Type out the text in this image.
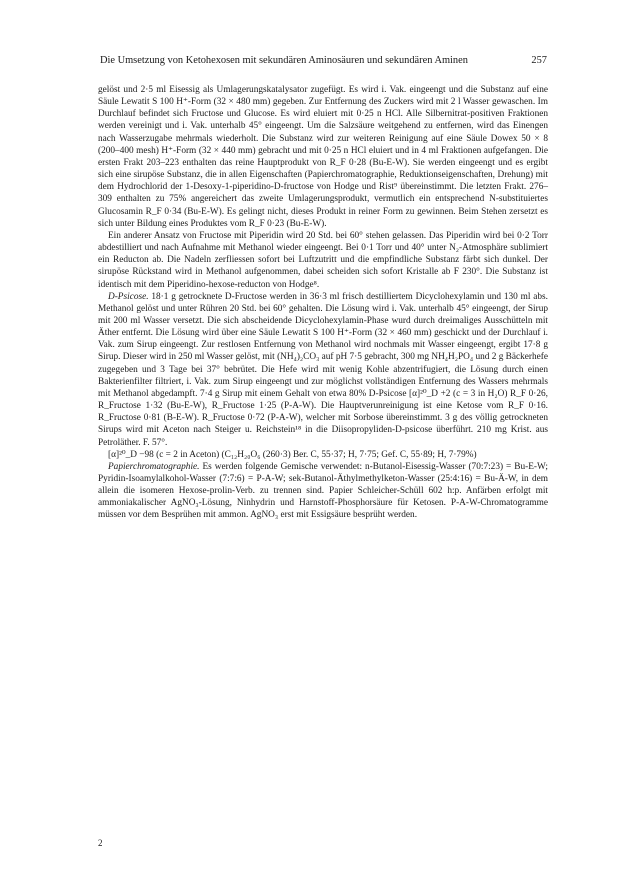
Die Umsetzung von Ketohexosen mit sekundären Aminosäuren und sekundären Aminen	257

gelöst und 2·5 ml Eisessig als Umlagerungskatalysator zugefügt. Es wird i. Vak. eingeengt und die Substanz auf eine Säule Lewatit S 100 H⁺-Form (32 × 480 mm) gegeben. Zur Entfernung des Zuckers wird mit 2 l Wasser gewaschen. Im Durchlauf befindet sich Fructose und Glucose. Es wird eluiert mit 0·25 n HCl. Alle Silbernitrat-positiven Fraktionen werden vereinigt und i. Vak. unterhalb 45° eingeengt. Um die Salzsäure weitgehend zu entfernen, wird das Einengen nach Wasserzugabe mehrmals wiederholt. Die Substanz wird zur weiteren Reinigung auf eine Säule Dowex 50 × 8 (200–400 mesh) H⁺-Form (32 × 440 mm) gebracht und mit 0·25 n HCl eluiert und in 4 ml Fraktionen aufgefangen. Die ersten Frakt 203–223 enthalten das reine Hauptprodukt von R_F 0·28 (Bu-E-W). Sie werden eingeengt und es ergibt sich eine sirupöse Substanz, die in allen Eigenschaften (Papierchromatographie, Reduktionseigenschaften, Drehung) mit dem Hydrochlorid der 1-Desoxy-1-piperidino-D-fructose von Hodge und Rist⁹ übereinstimmt. Die letzten Frakt. 276–309 enthalten zu 75% angereichert das zweite Umlagerungsprodukt, vermutlich ein entsprechend N-substituiertes Glucosamin R_F 0·34 (Bu-E-W). Es gelingt nicht, dieses Produkt in reiner Form zu gewinnen. Beim Stehen zersetzt es sich unter Bildung eines Produktes vom R_F 0·23 (Bu-E-W).

Ein anderer Ansatz von Fructose mit Piperidin wird 20 Std. bei 60° stehen gelassen. Das Piperidin wird bei 0·2 Torr abdestilliert und nach Aufnahme mit Methanol wieder eingeengt. Bei 0·1 Torr und 40° unter N₂-Atmosphäre sublimiert ein Reducton ab. Die Nadeln zerfliessen sofort bei Luftzutritt und die empfindliche Substanz färbt sich dunkel. Der sirupöse Rückstand wird in Methanol aufgenommen, dabei scheiden sich sofort Kristalle ab F 230°. Die Substanz ist identisch mit dem Piperidino-hexose-reducton von Hodge⁸.

D-Psicose. 18·1 g getrocknete D-Fructose werden in 36·3 ml frisch destilliertem Dicyclohexylamin und 130 ml abs. Methanol gelöst und unter Rühren 20 Std. bei 60° gehalten. Die Lösung wird i. Vak. unterhalb 45° eingeengt, der Sirup mit 200 ml Wasser versetzt. Die sich abscheidende Dicyclohexylamin-Phase wurd durch dreimaliges Ausschütteln mit Äther entfernt. Die Lösung wird über eine Säule Lewatit S 100 H⁺-Form (32 × 460 mm) geschickt und der Durchlauf i. Vak. zum Sirup eingeengt. Zur restlosen Entfernung von Methanol wird nochmals mit Wasser eingeengt, ergibt 17·8 g Sirup. Dieser wird in 250 ml Wasser gelöst, mit (NH₄)₂CO₃ auf pH 7·5 gebracht, 300 mg NH₄H₂PO₄ und 2 g Bäckerhefe zugegeben und 3 Tage bei 37° bebrütet. Die Hefe wird mit wenig Kohle abzentrifugiert, die Lösung durch einen Bakterienfilter filtriert, i. Vak. zum Sirup eingeengt und zur möglichst vollständigen Entfernung des Wassers mehrmals mit Methanol abgedampft. 7·4 g Sirup mit einem Gehalt von etwa 80% D-Psicose [α]²⁰_D +2 (c = 3 in H₂O) R_F 0·26, R_Fructose 1·32 (Bu-E-W), R_Fructose 1·25 (P-A-W). Die Hauptverunreinigung ist eine Ketose vom R_F 0·16. R_Fructose 0·81 (B-E-W). R_Fructose 0·72 (P-A-W), welcher mit Sorbose übereinstimmt. 3 g des völlig getrockneten Sirups wird mit Aceton nach Steiger u. Reichstein¹⁸ in die Diisopropyliden-D-psicose überführt. 210 mg Krist. aus Petroläther. F. 57°.

[α]²⁰_D −98 (c = 2 in Aceton) (C₁₂H₂₀O₆ (260·3) Ber. C, 55·37; H, 7·75; Gef. C, 55·89; H, 7·79%)

Papierchromatographie. Es werden folgende Gemische verwendet: n-Butanol-Eisessig-Wasser (70:7:23) = Bu-E-W; Pyridin-Isoamylalkohol-Wasser (7:7:6) = P-A-W; sek-Butanol-Äthylmethylketon-Wasser (25:4:16) = Bu-Ä-W, in dem allein die isomeren Hexose-prolin-Verb. zu trennen sind. Papier Schleicher-Schüll 602 h:p. Anfärben erfolgt mit ammoniakalischer AgNO₃-Lösung, Ninhydrin und Harnstoff-Phosphorsäure für Ketosen. P-A-W-Chromatogramme müssen vor dem Besprühen mit ammon. AgNO₃ erst mit Essigsäure besprüht werden.

2
